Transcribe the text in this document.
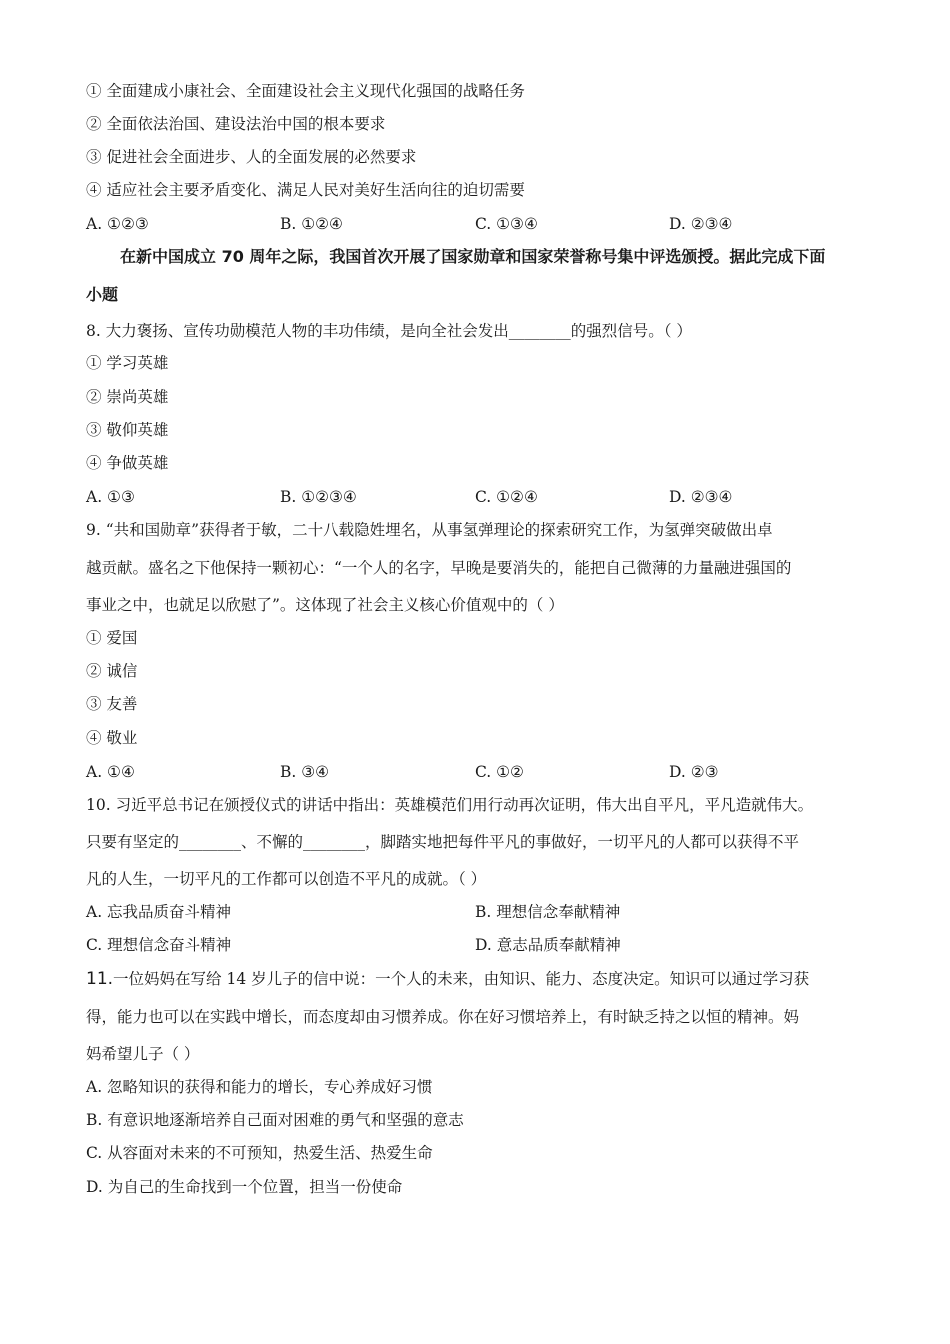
① 全面建成小康社会、全面建设社会主义现代化强国的战略任务
② 全面依法治国、建设法治中国的根本要求
③ 促进社会全面进步、人的全面发展的必然要求
④ 适应社会主要矛盾变化、满足人民对美好生活向往的迫切需要
A. ①②③	B. ①②④	C. ①③④	D. ②③④
在新中国成立 70 周年之际，我国首次开展了国家勋章和国家荣誉称号集中评选颁授。据此完成下面
小题
8. 大力褒扬、宣传功勋模范人物的丰功伟绩，是向全社会发出________的强烈信号。（ ）
① 学习英雄
② 崇尚英雄
③ 敬仰英雄
④ 争做英雄
A. ①③	B. ①②③④	C. ①②④	D. ②③④
9. “共和国勋章”获得者于敏，二十八载隐姓埋名，从事氢弹理论的探索研究工作，为氢弹突破做出卓
越贡献。盛名之下他保持一颗初心：“一个人的名字，早晚是要消失的，能把自己微薄的力量融进强国的
事业之中，也就足以欣慰了”。这体现了社会主义核心价值观中的（ ）
① 爱国
② 诚信
③ 友善
④ 敬业
A. ①④	B. ③④	C. ①②	D. ②③
10. 习近平总书记在颁授仪式的讲话中指出：英雄模范们用行动再次证明，伟大出自平凡，平凡造就伟大。
只要有坚定的________、不懈的________，脚踏实地把每件平凡的事做好，一切平凡的人都可以获得不平
凡的人生，一切平凡的工作都可以创造不平凡的成就。（ ）
A. 忘我品质奋斗精神	B. 理想信念奉献精神
C. 理想信念奋斗精神	D. 意志品质奉献精神
11.一位妈妈在写给 14 岁儿子的信中说：一个人的未来，由知识、能力、态度决定。知识可以通过学习获
得，能力也可以在实践中增长，而态度却由习惯养成。你在好习惯培养上，有时缺乏持之以恒的精神。妈
妈希望儿子（ ）
A. 忽略知识的获得和能力的增长，专心养成好习惯
B. 有意识地逐渐培养自己面对困难的勇气和坚强的意志
C. 从容面对未来的不可预知，热爱生活、热爱生命
D. 为自己的生命找到一个位置，担当一份使命
